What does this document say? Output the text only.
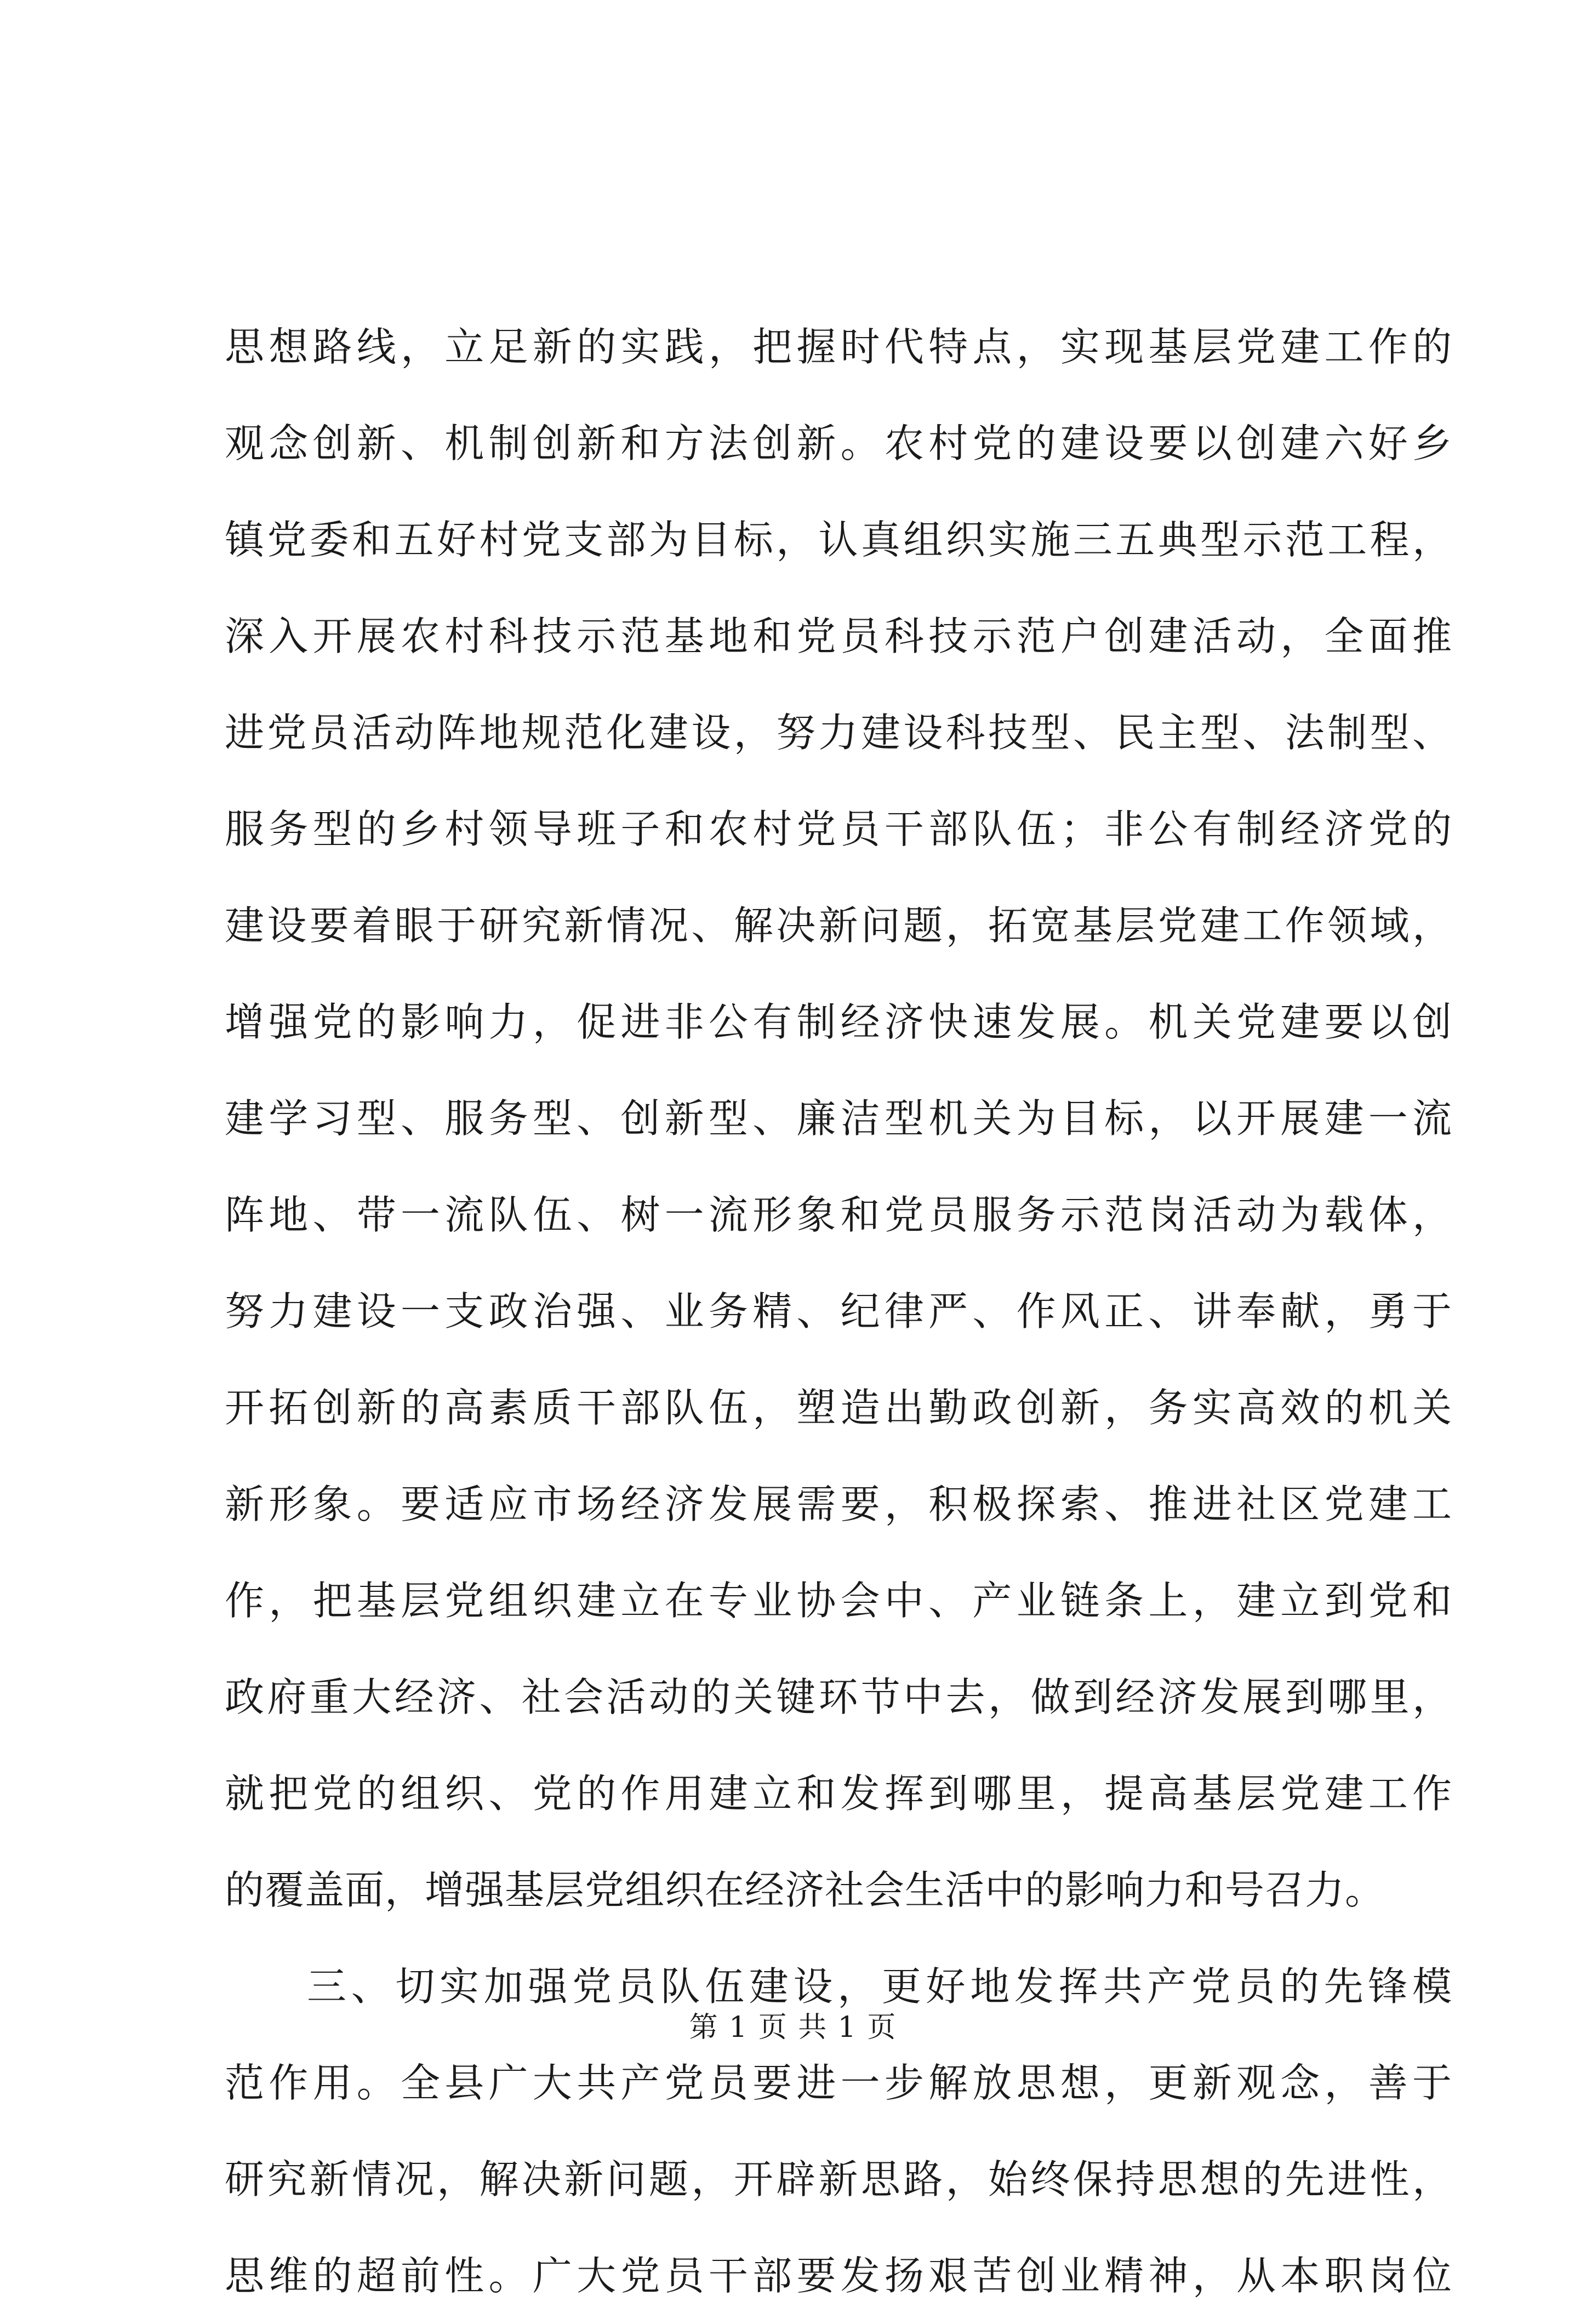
思想路线，立足新的实践，把握时代特点，实现基层党建工作的
观念创新、机制创新和方法创新。农村党的建设要以创建六好乡
镇党委和五好村党支部为目标，认真组织实施三五典型示范工程，
深入开展农村科技示范基地和党员科技示范户创建活动，全面推
进党员活动阵地规范化建设，努力建设科技型、民主型、法制型、
服务型的乡村领导班子和农村党员干部队伍；非公有制经济党的
建设要着眼于研究新情况、解决新问题，拓宽基层党建工作领域，
增强党的影响力，促进非公有制经济快速发展。机关党建要以创
建学习型、服务型、创新型、廉洁型机关为目标，以开展建一流
阵地、带一流队伍、树一流形象和党员服务示范岗活动为载体，
努力建设一支政治强、业务精、纪律严、作风正、讲奉献，勇于
开拓创新的高素质干部队伍，塑造出勤政创新，务实高效的机关
新形象。要适应市场经济发展需要，积极探索、推进社区党建工
作，把基层党组织建立在专业协会中、产业链条上，建立到党和
政府重大经济、社会活动的关键环节中去，做到经济发展到哪里，
就把党的组织、党的作用建立和发挥到哪里，提高基层党建工作
的覆盖面，增强基层党组织在经济社会生活中的影响力和号召力。
三、切实加强党员队伍建设，更好地发挥共产党员的先锋模
范作用。全县广大共产党员要进一步解放思想，更新观念，善于
研究新情况，解决新问题，开辟新思路，始终保持思想的先进性，
思维的超前性。广大党员干部要发扬艰苦创业精神，从本职岗位
第 1 页 共 1 页
